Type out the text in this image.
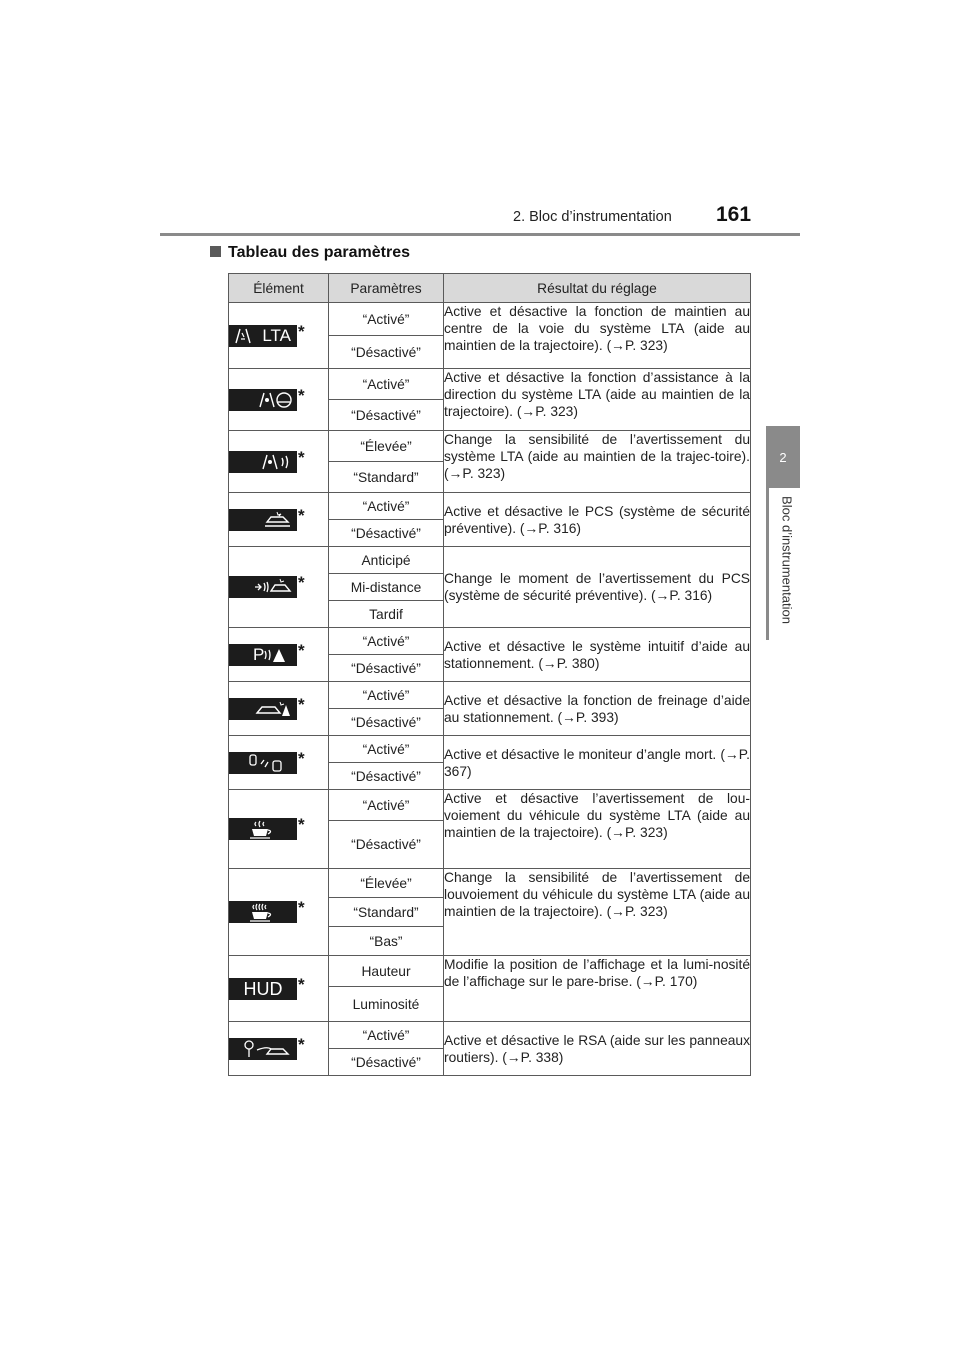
2. Bloc d’instrumentation 161
2
Bloc d’instrumentation
Tableau des paramètres
Élément	Paramètres	Résultat du réglage

LTA *	“Activé”	Active et désactive la fonction de maintien au centre de la voie du système LTA (aide au maintien de la trajectoire). (→P. 323)
	“Désactivé”	

*	“Activé”	Active et désactive la fonction d’assistance à la direction du système LTA (aide au maintien de la trajectoire). (→P. 323)
	“Désactivé”	

*	“Élevée”	Change la sensibilité de l’avertissement du système LTA (aide au maintien de la trajec-toire). (→P. 323)
	“Standard”	

*	“Activé”	Active et désactive le PCS (système de sécurité préventive). (→P. 316)
	“Désactivé”	

*	Anticipé	Change le moment de l’avertissement du PCS (système de sécurité préventive). (→P. 316)
	Mi-distance	
	Tardif	
P *	“Activé”	Active et désactive le système intuitif d’aide au stationnement. (→P. 380)
	“Désactivé”	

*	“Activé”	Active et désactive la fonction de freinage d’aide au stationnement. (→P. 393)
	“Désactivé”	

*	“Activé”	Active et désactive le moniteur d’angle mort. (→P. 367)
	“Désactivé”	

*	“Activé”	Active et désactive l’avertissement de lou-voiement du véhicule du système LTA (aide au maintien de la trajectoire). (→P. 323)
	“Désactivé”	

*	“Élevée”	Change la sensibilité de l’avertissement de louvoiement du véhicule du système LTA (aide au maintien de la trajectoire). (→P. 323)
	“Standard”	
	“Bas”	
HUD *	Hauteur	Modifie la position de l’affichage et la lumi-nosité de l’affichage sur le pare-brise. (→P. 170)
	Luminosité	

*	“Activé”	Active et désactive le RSA (aide sur les panneaux routiers). (→P. 338)
	“Désactivé”	
